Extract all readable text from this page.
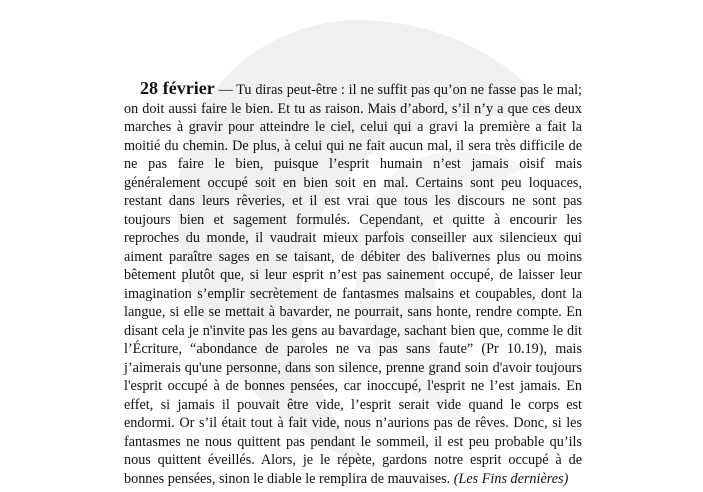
28 février — Tu diras peut-être : il ne suffit pas qu’on ne fasse pas le mal; on doit aussi faire le bien. Et tu as raison. Mais d’abord, s’il n’y a que ces deux marches à gravir pour atteindre le ciel, celui qui a gravi la première a fait la moitié du chemin. De plus, à celui qui ne fait aucun mal, il sera très difficile de ne pas faire le bien, puisque l’esprit humain n’est jamais oisif mais généralement occupé soit en bien soit en mal. Certains sont peu loquaces, restant dans leurs rêveries, et il est vrai que tous les discours ne sont pas toujours bien et sagement formulés. Cependant, et quitte à encourir les reproches du monde, il vaudrait mieux parfois conseiller aux silencieux qui aiment paraître sages en se taisant, de débiter des balivernes plus ou moins bêtement plutôt que, si leur esprit n’est pas sainement occupé, de laisser leur imagination s’emplir secrètement de fantasmes malsains et coupables, dont la langue, si elle se mettait à bavarder, ne pourrait, sans honte, rendre compte. En disant cela je n'invite pas les gens au bavardage, sachant bien que, comme le dit l’Écriture, “abondance de paroles ne va pas sans faute” (Pr 10.19), mais j’aimerais qu'une personne, dans son silence, prenne grand soin d'avoir toujours l'esprit occupé à de bonnes pensées, car inoccupé, l'esprit ne l’est jamais. En effet, si jamais il pouvait être vide, l’esprit serait vide quand le corps est endormi. Or s’il était tout à fait vide, nous n’aurions pas de rêves. Donc, si les fantasmes ne nous quittent pas pendant le sommeil, il est peu probable qu’ils nous quittent éveillés. Alors, je le répète, gardons notre esprit occupé à de bonnes pensées, sinon le diable le remplira de mauvaises. (Les Fins dernières)
